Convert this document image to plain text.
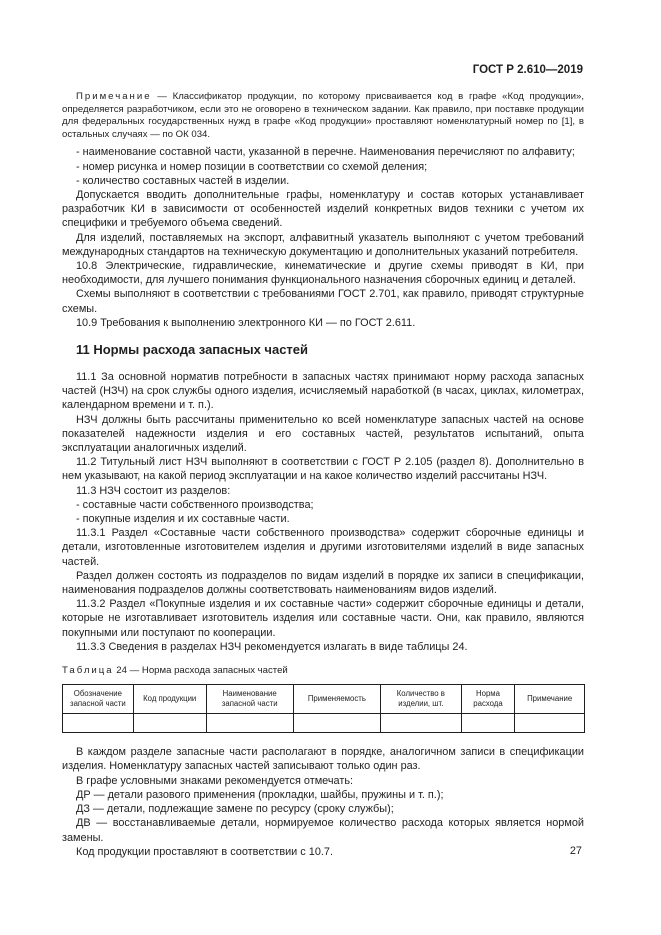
ГОСТ Р 2.610—2019

Примечание — Классификатор продукции, по которому присваивается код в графе «Код продукции», определяется разработчиком, если это не оговорено в техническом задании. Как правило, при поставке продукции для федеральных государственных нужд в графе «Код продукции» проставляют номенклатурный номер по [1], в остальных случаях — по ОК 034.

- наименование составной части, указанной в перечне. Наименования перечисляют по алфавиту;

- номер рисунка и номер позиции в соответствии со схемой деления;

- количество составных частей в изделии.

Допускается вводить дополнительные графы, номенклатуру и состав которых устанавливает разработчик КИ в зависимости от особенностей изделий конкретных видов техники с учетом их специфики и требуемого объема сведений.

Для изделий, поставляемых на экспорт, алфавитный указатель выполняют с учетом требований международных стандартов на техническую документацию и дополнительных указаний потребителя.

10.8 Электрические, гидравлические, кинематические и другие схемы приводят в КИ, при необходимости, для лучшего понимания функционального назначения сборочных единиц и деталей.

Схемы выполняют в соответствии с требованиями ГОСТ 2.701, как правило, приводят структурные схемы.

10.9 Требования к выполнению электронного КИ — по ГОСТ 2.611.

11 Нормы расхода запасных частей

11.1 За основной норматив потребности в запасных частях принимают норму расхода запасных частей (НЗЧ) на срок службы одного изделия, исчисляемый наработкой (в часах, циклах, километрах, календарном времени и т. п.).

НЗЧ должны быть рассчитаны применительно ко всей номенклатуре запасных частей на основе показателей надежности изделия и его составных частей, результатов испытаний, опыта эксплуатации аналогичных изделий.

11.2 Титульный лист НЗЧ выполняют в соответствии с ГОСТ Р 2.105 (раздел 8). Дополнительно в нем указывают, на какой период эксплуатации и на какое количество изделий рассчитаны НЗЧ.

11.3 НЗЧ состоит из разделов:

- составные части собственного производства;

- покупные изделия и их составные части.

11.3.1 Раздел «Составные части собственного производства» содержит сборочные единицы и детали, изготовленные изготовителем изделия и другими изготовителями изделий в виде запасных частей.

Раздел должен состоять из подразделов по видам изделий в порядке их записи в спецификации, наименования подразделов должны соответствовать наименованиям видов изделий.

11.3.2 Раздел «Покупные изделия и их составные части» содержит сборочные единицы и детали, которые не изготавливает изготовитель изделия или составные части. Они, как правило, являются покупными или поступают по кооперации.

11.3.3 Сведения в разделах НЗЧ рекомендуется излагать в виде таблицы 24.

Таблица 24 — Норма расхода запасных частей

Обозначение запасной части	Код продукции	Наименование запасной части	Применяемость	Количество в изделии, шт.	Норма расхода	Примечание

В каждом разделе запасные части располагают в порядке, аналогичном записи в спецификации изделия. Номенклатуру запасных частей записывают только один раз.

В графе условными знаками рекомендуется отмечать:

ДР — детали разового применения (прокладки, шайбы, пружины и т. п.);

ДЗ — детали, подлежащие замене по ресурсу (сроку службы);

ДВ — восстанавливаемые детали, нормируемое количество расхода которых является нормой замены.

Код продукции проставляют в соответствии с 10.7.	27
